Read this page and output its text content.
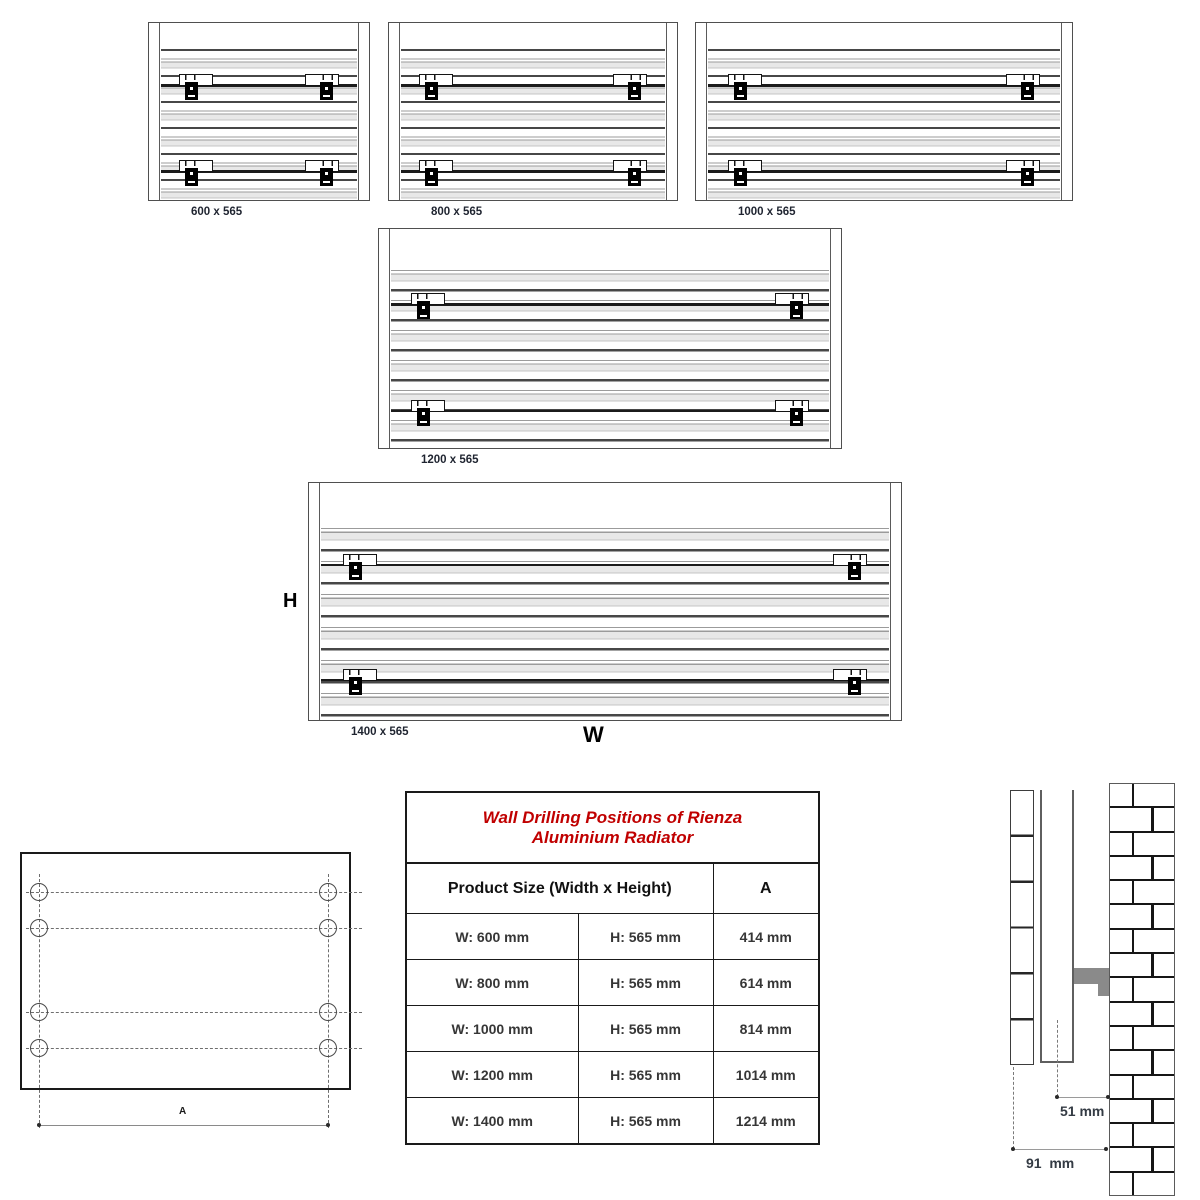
600 x 565	800 x 565	1000 x 565
1200 x 565
1400 x 565
H
W
A
Wall Drilling Positions of Rienza
Aluminium Radiator		

Product Size (Width x Height)		A
W: 600 mm	H: 565 mm	414 mm
W: 800 mm	H: 565 mm	614 mm
W: 1000 mm	H: 565 mm	814 mm
W: 1200 mm	H: 565 mm	1014 mm
W: 1400 mm	H: 565 mm	1214 mm
51 mm
91  mm
